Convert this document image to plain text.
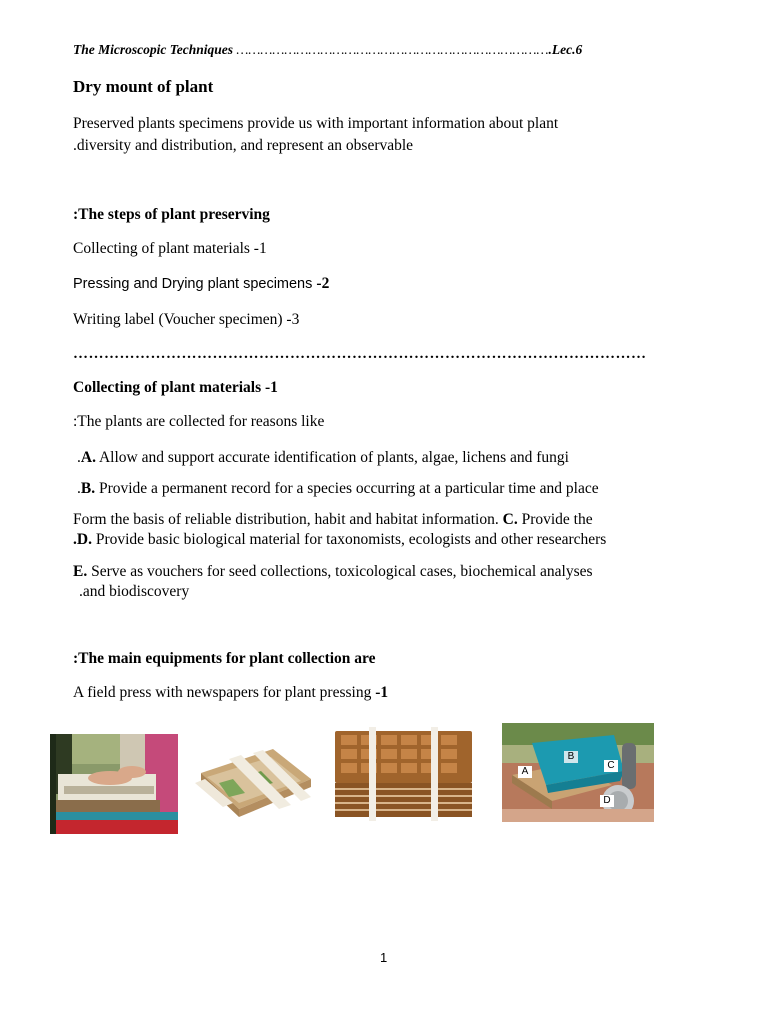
The Microscopic Techniques …………………………………………………………………….Lec.6
Dry mount of plant
Preserved plants specimens provide us with important information about plant
.diversity and distribution, and represent an observable
:The steps of plant preserving
Collecting of plant materials -1
Pressing and Drying plant specimens -2
Writing label (Voucher specimen) -3
…………………………………………………………………………………………………
Collecting of plant materials -1
:The plants are collected for reasons like
.A. Allow and support accurate identification of plants, algae, lichens and fungi
.B. Provide a permanent record for a species occurring at a particular time and place
Form the basis of reliable distribution, habit and habitat information. C. Provide the
.D. Provide basic biological material for taxonomists, ecologists and other researchers
E. Serve as vouchers for seed collections, toxicological cases, biochemical analyses
.and biodiscovery
:The main equipments for plant collection are
A field press with newspapers for plant pressing -1
A
B
C
D
1
